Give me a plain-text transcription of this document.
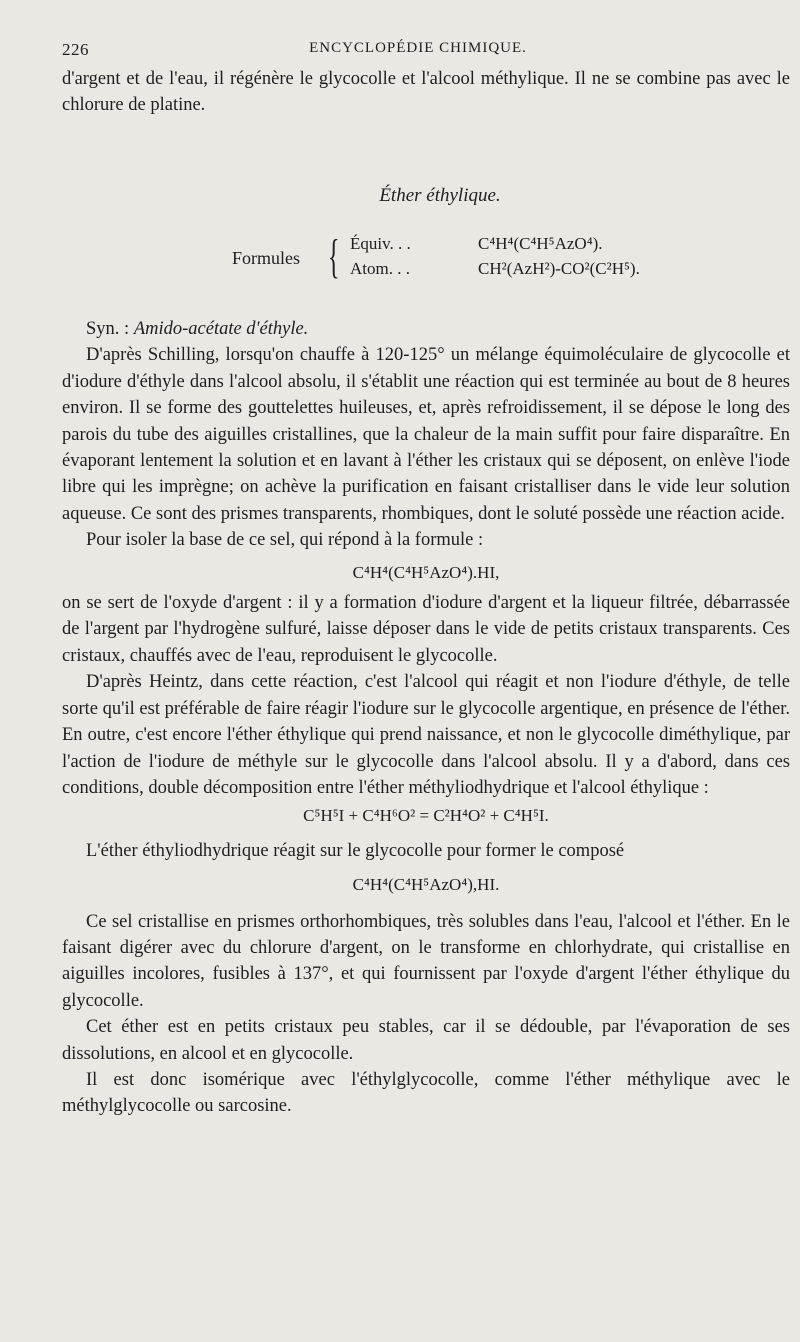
226	ENCYCLOPÉDIE CHIMIQUE.

d'argent et de l'eau, il régénère le glycocolle et l'alcool méthylique. Il ne se combine pas avec le chlorure de platine.

Éther éthylique.
Formules { Équiv. . .	C⁴H⁴(C⁴H⁵AzO⁴).
Atom. . .	CH²(AzH²)-CO²(C²H⁵).

Syn. : Amido-acétate d'éthyle.

D'après Schilling, lorsqu'on chauffe à 120-125° un mélange équimoléculaire de glycocolle et d'iodure d'éthyle dans l'alcool absolu, il s'établit une réaction qui est terminée au bout de 8 heures environ. Il se forme des gouttelettes huileuses, et, après refroidissement, il se dépose le long des parois du tube des aiguilles cristallines, que la chaleur de la main suffit pour faire disparaître. En évaporant lentement la solution et en lavant à l'éther les cristaux qui se déposent, on enlève l'iode libre qui les imprègne; on achève la purification en faisant cristalliser dans le vide leur solution aqueuse. Ce sont des prismes transparents, rhombiques, dont le soluté possède une réaction acide.

Pour isoler la base de ce sel, qui répond à la formule :

C⁴H⁴(C⁴H⁵AzO⁴).HI,

on se sert de l'oxyde d'argent : il y a formation d'iodure d'argent et la liqueur filtrée, débarrassée de l'argent par l'hydrogène sulfuré, laisse déposer dans le vide de petits cristaux transparents. Ces cristaux, chauffés avec de l'eau, reproduisent le glycocolle.

D'après Heintz, dans cette réaction, c'est l'alcool qui réagit et non l'iodure d'éthyle, de telle sorte qu'il est préférable de faire réagir l'iodure sur le glycocolle argentique, en présence de l'éther. En outre, c'est encore l'éther éthylique qui prend naissance, et non le glycocolle diméthylique, par l'action de l'iodure de méthyle sur le glycocolle dans l'alcool absolu. Il y a d'abord, dans ces conditions, double décomposition entre l'éther méthyliodhydrique et l'alcool éthylique :

C⁵H⁵I + C⁴H⁶O² = C²H⁴O² + C⁴H⁵I.

L'éther éthyliodhydrique réagit sur le glycocolle pour former le composé

C⁴H⁴(C⁴H⁵AzO⁴),HI.

Ce sel cristallise en prismes orthorhombiques, très solubles dans l'eau, l'alcool et l'éther. En le faisant digérer avec du chlorure d'argent, on le transforme en chlorhydrate, qui cristallise en aiguilles incolores, fusibles à 137°, et qui fournissent par l'oxyde d'argent l'éther éthylique du glycocolle.

Cet éther est en petits cristaux peu stables, car il se dédouble, par l'évaporation de ses dissolutions, en alcool et en glycocolle.

Il est donc isomérique avec l'éthylglycocolle, comme l'éther méthylique avec le méthylglycocolle ou sarcosine.
